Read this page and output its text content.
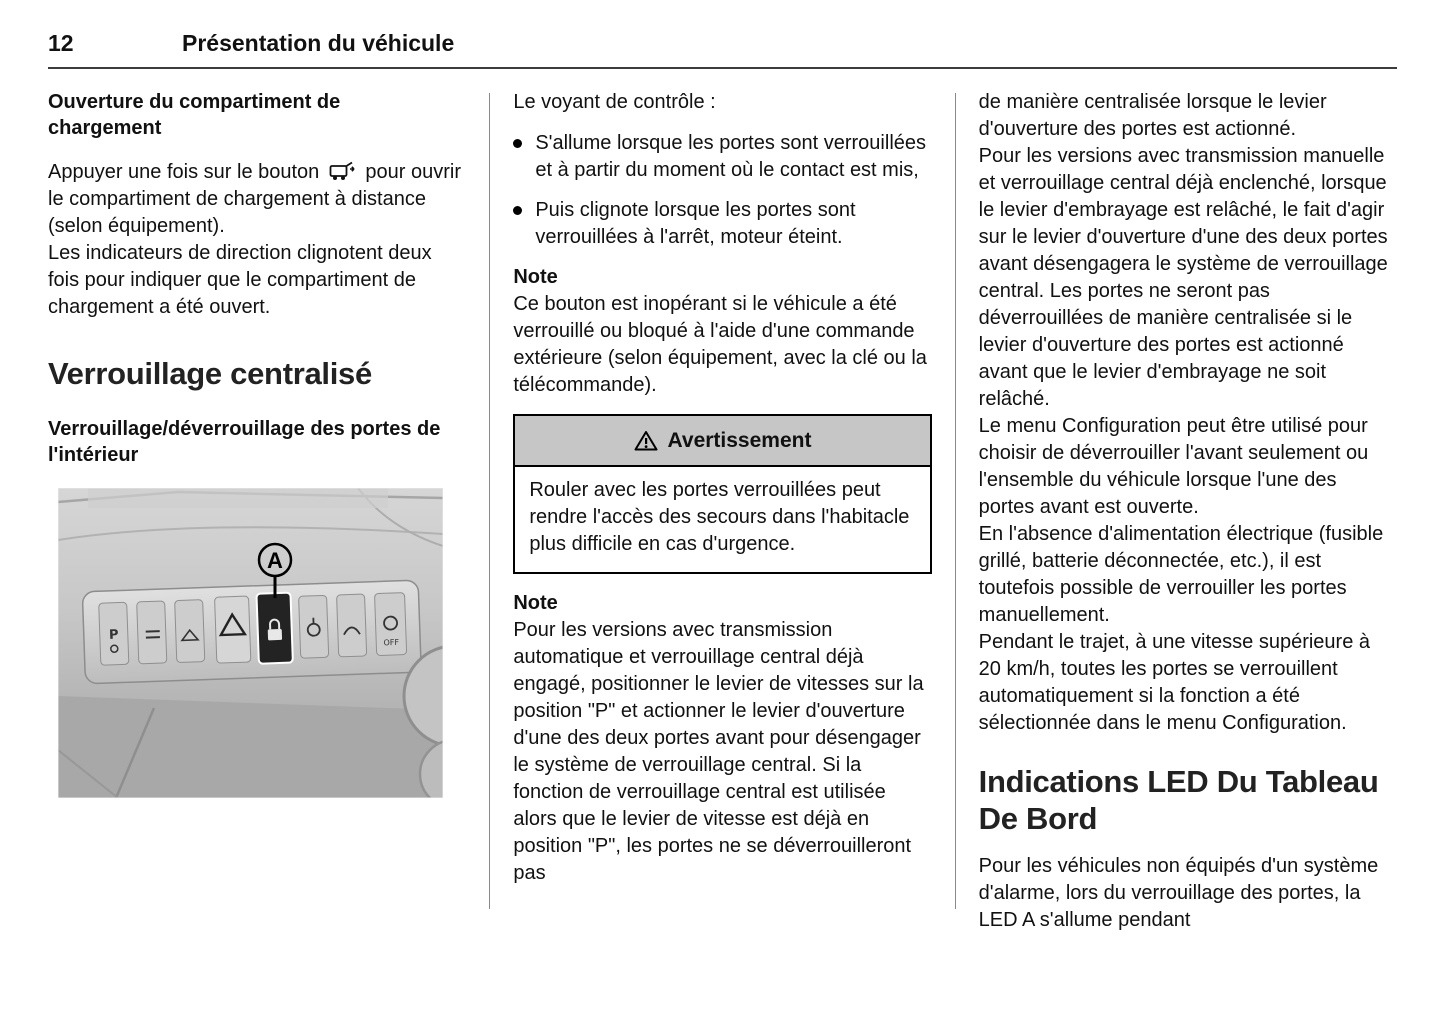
12	Présentation du véhicule
Ouverture du compartiment de chargement

Appuyer une fois sur le bouton pour ouvrir le compartiment de chargement à distance (selon équipement).
Les indicateurs de direction clignotent deux fois pour indiquer que le compartiment de chargement a été ouvert.

Verrouillage centralisé
Verrouillage/déverrouillage des portes de l'intérieur
P	OFF
A

Le voyant de contrôle :

S'allume lorsque les portes sont verrouillées et à partir du moment où le contact est mis,
Puis clignote lorsque les portes sont verrouillées à l'arrêt, moteur éteint.

Note

Ce bouton est inopérant si le véhicule a été verrouillé ou bloqué à l'aide d'une commande extérieure (selon équipement, avec la clé ou la télécommande).

Avertissement
Rouler avec les portes verrouillées peut rendre l'accès des secours dans l'habitacle plus difficile en cas d'urgence.

Note

Pour les versions avec transmission automatique et verrouillage central déjà engagé, positionner le levier de vitesses sur la position "P" et actionner le levier d'ouverture d'une des deux portes avant pour désengager le système de verrouillage central. Si la fonction de verrouillage central est utilisée alors que le levier de vitesse est déjà en position "P", les portes ne se déverrouilleront pas

de manière centralisée lorsque le levier d'ouverture des portes est actionné.

Pour les versions avec transmission manuelle et verrouillage central déjà enclenché, lorsque le levier d'embrayage est relâché, le fait d'agir sur le levier d'ouverture d'une des deux portes avant désengagera le système de verrouillage central. Les portes ne seront pas déverrouillées de manière centralisée si le levier d'ouverture des portes est actionné avant que le levier d'embrayage ne soit relâché.

Le menu Configuration peut être utilisé pour choisir de déverrouiller l'avant seulement ou l'ensemble du véhicule lorsque l'une des portes avant est ouverte.

En l'absence d'alimentation électrique (fusible grillé, batterie déconnectée, etc.), il est toutefois possible de verrouiller les portes manuellement.

Pendant le trajet, à une vitesse supérieure à 20 km/h, toutes les portes se verrouillent automatiquement si la fonction a été sélectionnée dans le menu Configuration.

Indications LED Du Tableau De Bord

Pour les véhicules non équipés d'un système d'alarme, lors du verrouillage des portes, la LED A s'allume pendant
